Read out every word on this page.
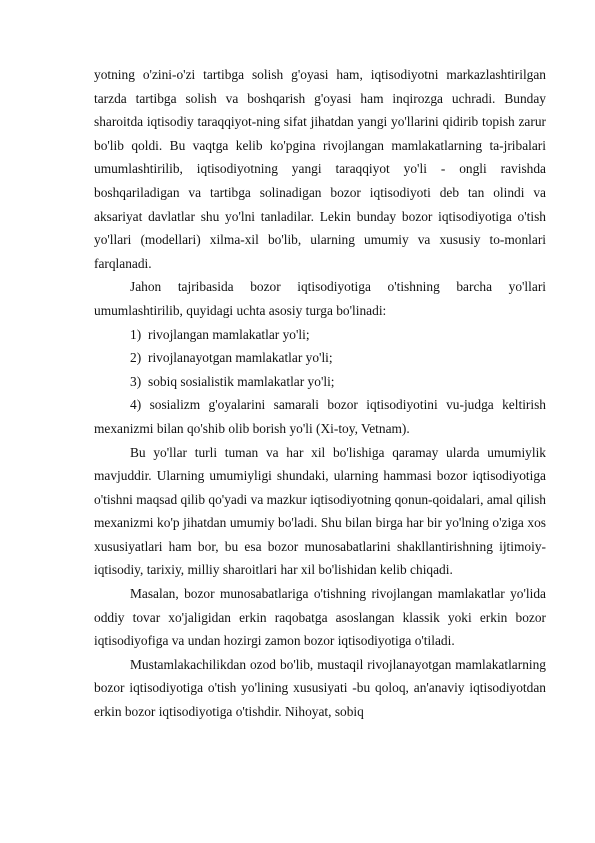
yotning o'zini-o'zi tartibga solish g'oyasi ham, iqtisodiyotni markazlashtirilgan tarzda tartibga solish va boshqarish g'oyasi ham inqirozga uchradi. Bunday sharoitda iqtisodiy taraqqiyot-ning sifat jihatdan yangi yo'llarini qidirib topish zarur bo'lib qoldi. Bu vaqtga kelib ko'pgina rivojlangan mamlakatlarning ta-jribalari umumlashtirilib, iqtisodiyotning yangi taraqqiyot yo'li - ongli ravishda boshqariladigan va tartibga solinadigan bozor iqtisodiyoti deb tan olindi va aksariyat davlatlar shu yo'lni tanladilar. Lekin bunday bozor iqtisodiyotiga o'tish yo'llari (modellari) xilma-xil bo'lib, ularning umumiy va xususiy to-monlari farqlanadi.

Jahon tajribasida bozor iqtisodiyotiga o'tishning barcha yo'llari umumlashtirilib, quyidagi uchta asosiy turga bo'linadi:

1) rivojlangan mamlakatlar yo'li;
2) rivojlanayotgan mamlakatlar yo'li;
3) sobiq sosialistik mamlakatlar yo'li;

4) sosializm g'oyalarini samarali bozor iqtisodiyotini vu-judga keltirish mexanizmi bilan qo'shib olib borish yo'li (Xi-toy, Vetnam).

Bu yo'llar turli tuman va har xil bo'lishiga qaramay ularda umumiylik mavjuddir. Ularning umumiyligi shundaki, ularning hammasi bozor iqtisodiyotiga o'tishni maqsad qilib qo'yadi va mazkur iqtisodiyotning qonun-qoidalari, amal qilish mexanizmi ko'p jihatdan umumiy bo'ladi. Shu bilan birga har bir yo'lning o'ziga xos xususiyatlari ham bor, bu esa bozor munosabatlarini shakllantirishning ijtimoiy-iqtisodiy, tarixiy, milliy sharoitlari har xil bo'lishidan kelib chiqadi.

Masalan, bozor munosabatlariga o'tishning rivojlangan mamlakatlar yo'lida oddiy tovar xo'jaligidan erkin raqobatga asoslangan klassik yoki erkin bozor iqtisodiyofiga va undan hozirgi zamon bozor iqtisodiyotiga o'tiladi.

Mustamlakachilikdan ozod bo'lib, mustaqil rivojlanayotgan mamlakatlarning bozor iqtisodiyotiga o'tish yo'lining xususiyati -bu qoloq, an'anaviy iqtisodiyotdan erkin bozor iqtisodiyotiga o'tishdir. Nihoyat, sobiq
